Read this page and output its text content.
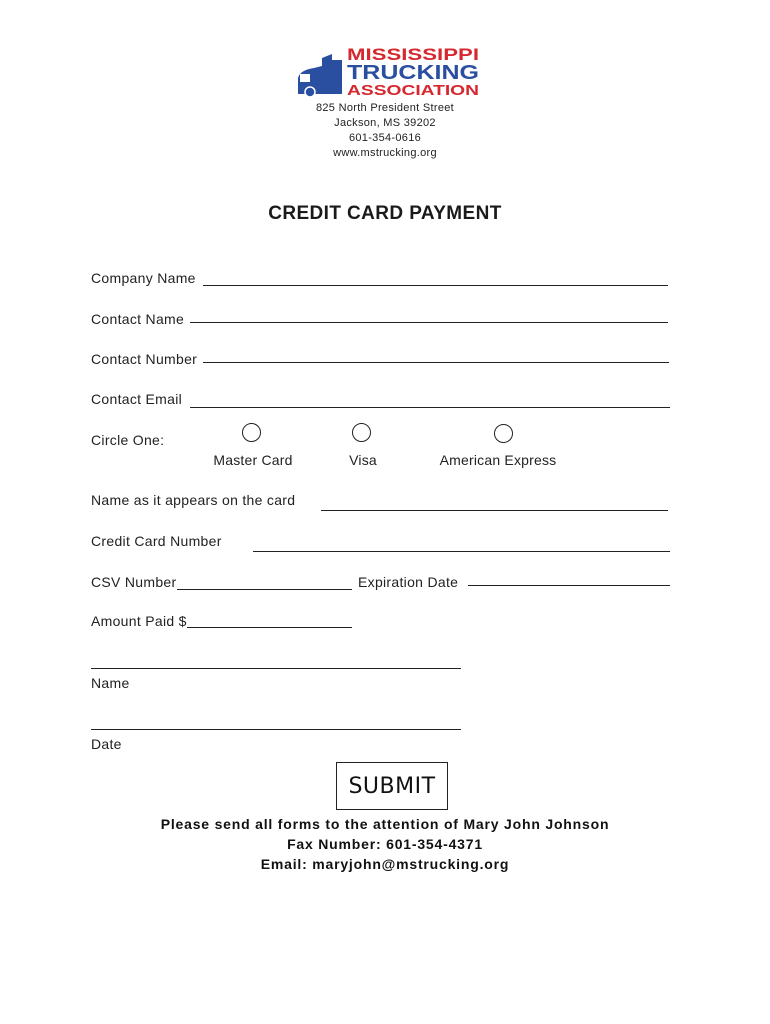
MISSISSIPPI
TRUCKING
ASSOCIATION
825 North President Street
Jackson, MS 39202
601-354-0616
www.mstrucking.org
CREDIT CARD PAYMENT
Company Name
Contact Name
Contact Number
Contact Email
Circle One:
Master Card	Visa	American Express
Name as it appears on the card
Credit Card Number
CSV Number	Expiration Date
Amount Paid $
Name
Date
SUBMIT
Please send all forms to the attention of Mary John Johnson
Fax Number: 601-354-4371
Email: maryjohn@mstrucking.org
